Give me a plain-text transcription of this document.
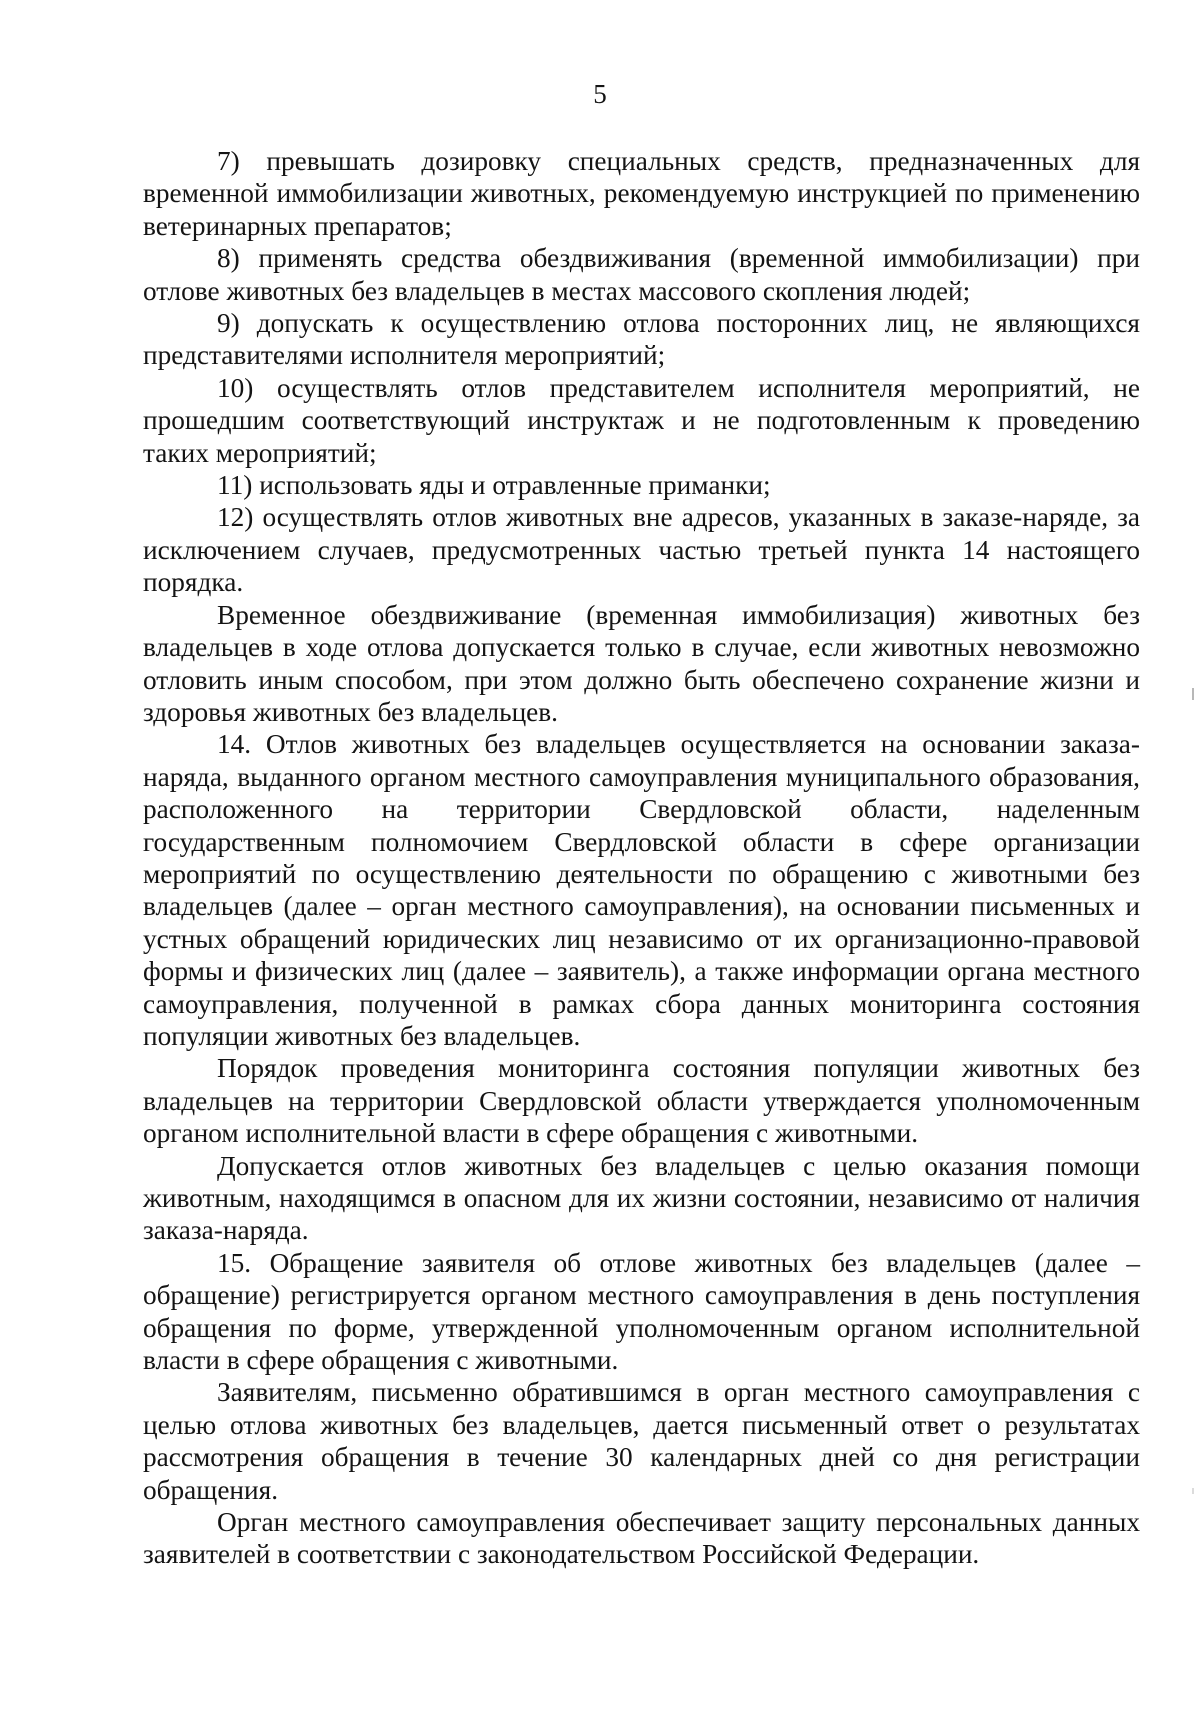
5

7) превышать дозировку специальных средств, предназначенных для временной иммобилизации животных, рекомендуемую инструкцией по применению ветеринарных препаратов;

8) применять средства обездвиживания (временной иммобилизации) при отлове животных без владельцев в местах массового скопления людей;

9) допускать к осуществлению отлова посторонних лиц, не являющихся представителями исполнителя мероприятий;

10) осуществлять отлов представителем исполнителя мероприятий, не прошедшим соответствующий инструктаж и не подготовленным к проведению таких мероприятий;

11) использовать яды и отравленные приманки;

12) осуществлять отлов животных вне адресов, указанных в заказе-наряде, за исключением случаев, предусмотренных частью третьей пункта 14 настоящего порядка.

Временное обездвиживание (временная иммобилизация) животных без владельцев в ходе отлова допускается только в случае, если животных невозможно отловить иным способом, при этом должно быть обеспечено сохранение жизни и здоровья животных без владельцев.

14. Отлов животных без владельцев осуществляется на основании заказа-наряда, выданного органом местного самоуправления муниципального образования, расположенного на территории Свердловской области, наделенным государственным полномочием Свердловской области в сфере организации мероприятий по осуществлению деятельности по обращению с животными без владельцев (далее – орган местного самоуправления), на основании письменных и устных обращений юридических лиц независимо от их организационно-правовой формы и физических лиц (далее – заявитель), а также информации органа местного самоуправления, полученной в рамках сбора данных мониторинга состояния популяции животных без владельцев.

Порядок проведения мониторинга состояния популяции животных без владельцев на территории Свердловской области утверждается уполномоченным органом исполнительной власти в сфере обращения с животными.

Допускается отлов животных без владельцев с целью оказания помощи животным, находящимся в опасном для их жизни состоянии, независимо от наличия заказа-наряда.

15. Обращение заявителя об отлове животных без владельцев (далее – обращение) регистрируется органом местного самоуправления в день поступления обращения по форме, утвержденной уполномоченным органом исполнительной власти в сфере обращения с животными.

Заявителям, письменно обратившимся в орган местного самоуправления с целью отлова животных без владельцев, дается письменный ответ о результатах рассмотрения обращения в течение 30 календарных дней со дня регистрации обращения.

Орган местного самоуправления обеспечивает защиту персональных данных заявителей в соответствии с законодательством Российской Федерации.
